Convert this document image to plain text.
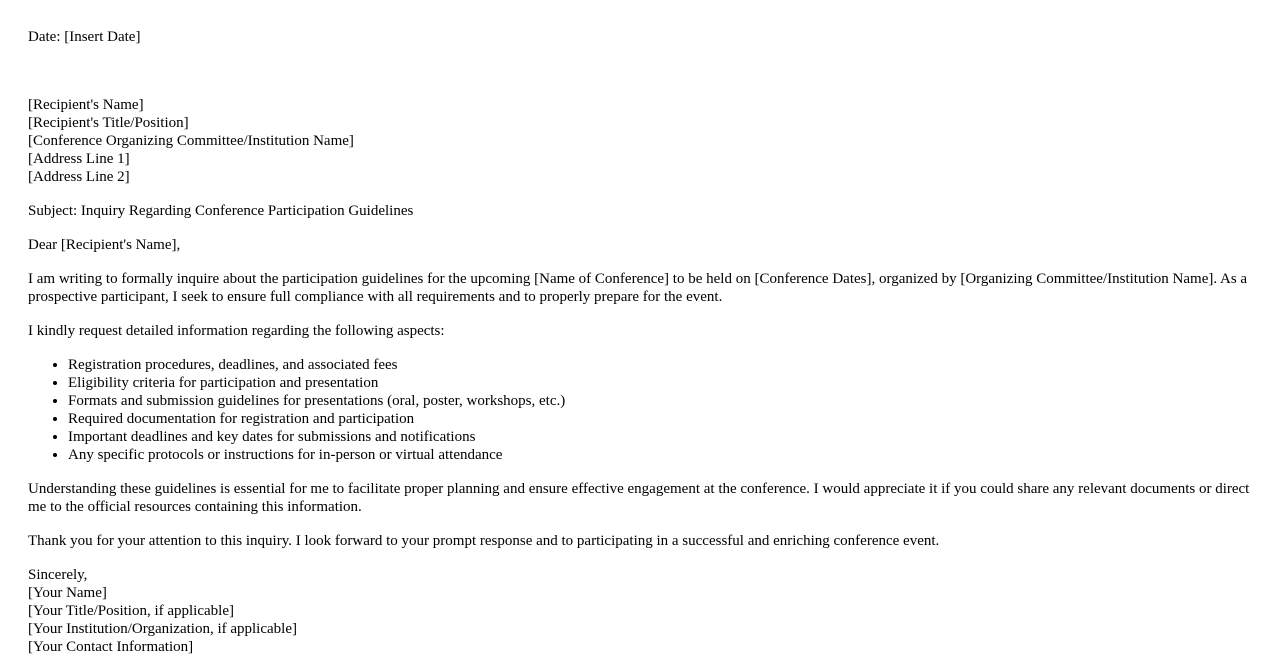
Date: [Insert Date]
[Recipient's Name]
[Recipient's Title/Position]
[Conference Organizing Committee/Institution Name]
[Address Line 1]
[Address Line 2]

Subject: Inquiry Regarding Conference Participation Guidelines

Dear [Recipient's Name],

I am writing to formally inquire about the participation guidelines for the upcoming [Name of Conference] to be held on [Conference Dates], organized by [Organizing Committee/Institution Name]. As a prospective participant, I seek to ensure full compliance with all requirements and to properly prepare for the event.

I kindly request detailed information regarding the following aspects:

• Registration procedures, deadlines, and associated fees
• Eligibility criteria for participation and presentation
• Formats and submission guidelines for presentations (oral, poster, workshops, etc.)
• Required documentation for registration and participation
• Important deadlines and key dates for submissions and notifications
• Any specific protocols or instructions for in-person or virtual attendance

Understanding these guidelines is essential for me to facilitate proper planning and ensure effective engagement at the conference. I would appreciate it if you could share any relevant documents or direct me to the official resources containing this information.

Thank you for your attention to this inquiry. I look forward to your prompt response and to participating in a successful and enriching conference event.

Sincerely,
[Your Name]
[Your Title/Position, if applicable]
[Your Institution/Organization, if applicable]
[Your Contact Information]
